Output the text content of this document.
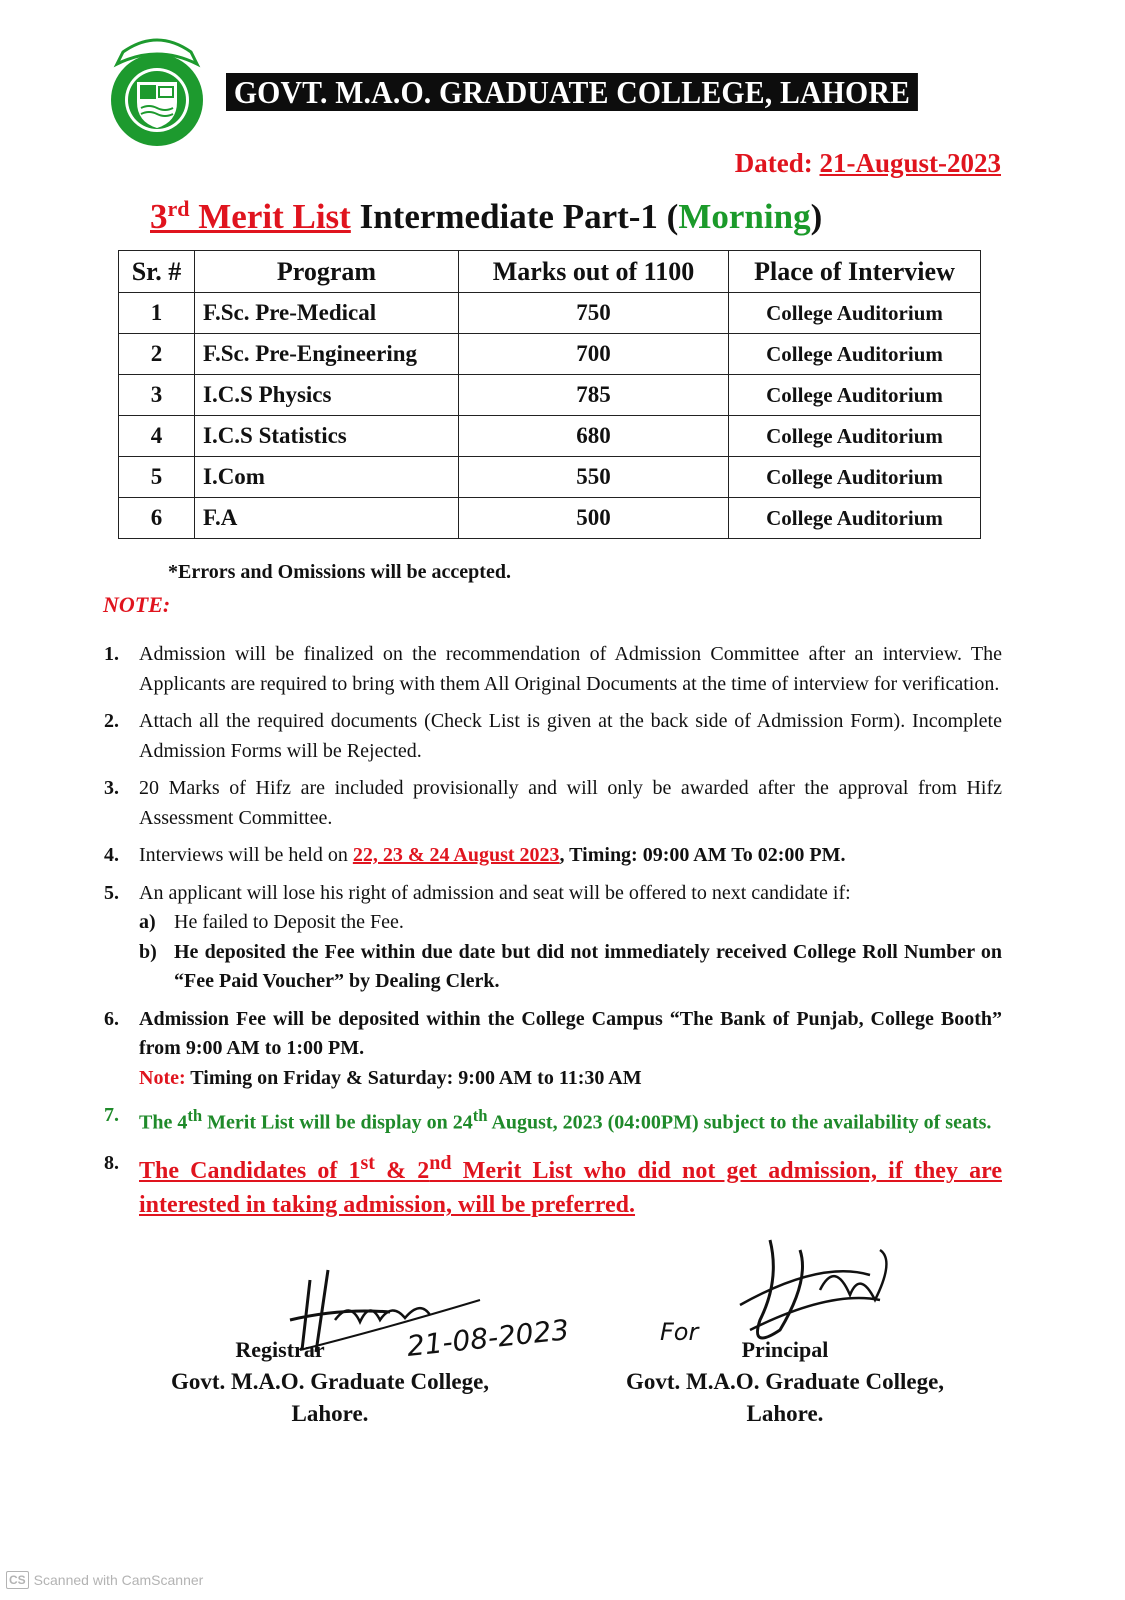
GOVT. M.A.O. GRADUATE COLLEGE, LAHORE
Dated: 21-August-2023
3rd Merit List Intermediate Part-1 (Morning)
Sr. #	Program	Marks out of 1100	Place of Interview
1	F.Sc. Pre-Medical	750	College Auditorium
2	F.Sc. Pre-Engineering	700	College Auditorium
3	I.C.S Physics	785	College Auditorium
4	I.C.S Statistics	680	College Auditorium
5	I.Com	550	College Auditorium
6	F.A	500	College Auditorium
*Errors and Omissions will be accepted.
NOTE:
1. Admission will be finalized on the recommendation of Admission Committee after an interview. The Applicants are required to bring with them All Original Documents at the time of interview for verification.
2. Attach all the required documents (Check List is given at the back side of Admission Form). Incomplete Admission Forms will be Rejected.
3. 20 Marks of Hifz are included provisionally and will only be awarded after the approval from Hifz Assessment Committee.
4. Interviews will be held on 22, 23 & 24 August 2023, Timing: 09:00 AM To 02:00 PM.
5. An applicant will lose his right of admission and seat will be offered to next candidate if:
a) He failed to Deposit the Fee.
b) He deposited the Fee within due date but did not immediately received College Roll Number on “Fee Paid Voucher” by Dealing Clerk.
6. Admission Fee will be deposited within the College Campus “The Bank of Punjab, College Booth” from 9:00 AM to 1:00 PM.
Note: Timing on Friday & Saturday: 9:00 AM to 11:30 AM
7. The 4th Merit List will be display on 24th August, 2023 (04:00PM) subject to the availability of seats.
8. The Candidates of 1st & 2nd Merit List who did not get admission, if they are interested in taking admission, will be preferred.
21-08-2023	For
Registrar
Govt. M.A.O. Graduate College,
Lahore.
Principal
Govt. M.A.O. Graduate College,
Lahore.
CS Scanned with CamScanner
